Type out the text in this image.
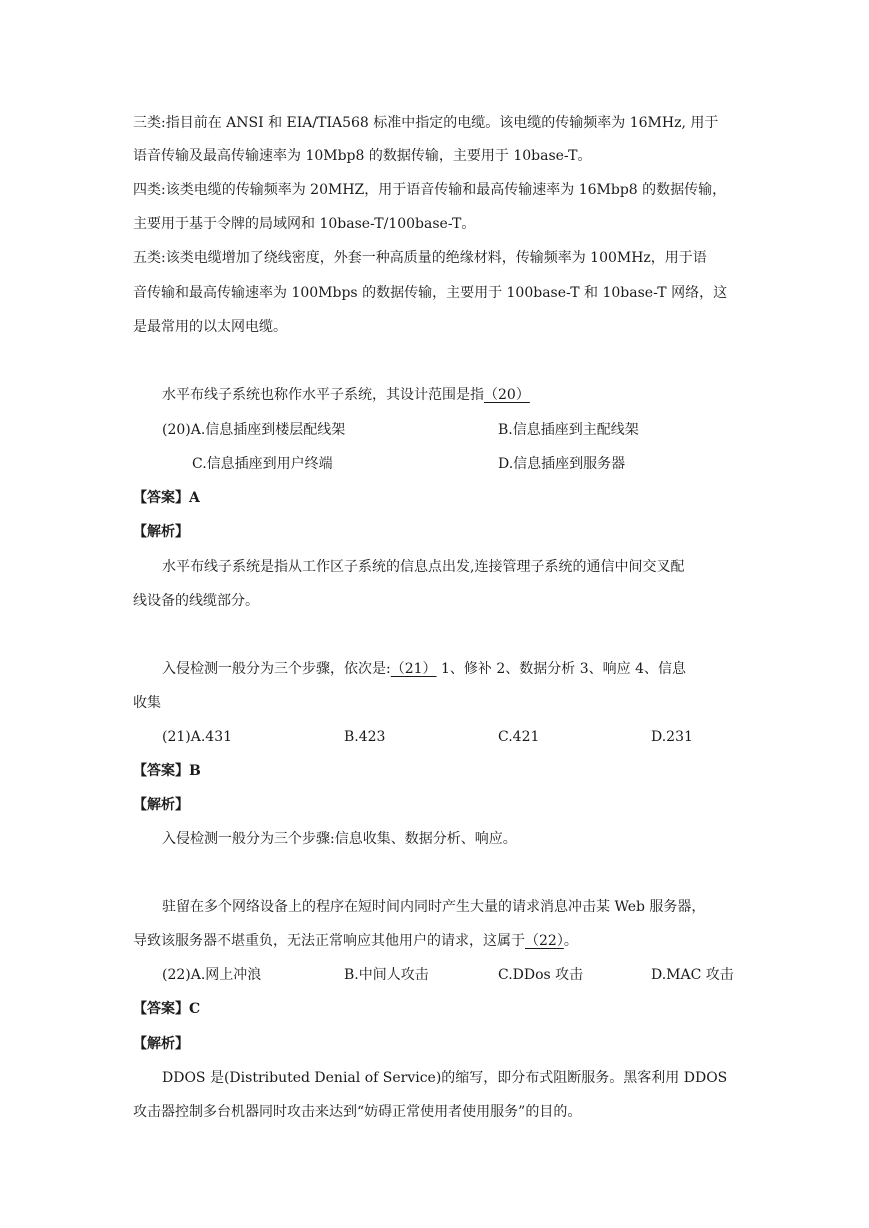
三类:指目前在 ANSI 和 EIA/TIA568 标准中指定的电缆。该电缆的传输频率为 16MHz, 用于
语音传输及最高传输速率为 10Mbp8 的数据传输，主要用于 10base-T。
四类:该类电缆的传输频率为 20MHZ，用于语音传输和最高传输速率为 16Mbp8 的数据传输，
主要用于基于令牌的局域网和 10base-T/100base-T。
五类:该类电缆增加了绕线密度，外套一种高质量的绝缘材料，传输频率为 100MHz，用于语
音传输和最高传输速率为 100Mbps 的数据传输，主要用于 100base-T 和 10base-T 网络，这
是最常用的以太网电缆。
水平布线子系统也称作水平子系统，其设计范围是指（20）
(20)A.信息插座到楼层配线架	B.信息插座到主配线架
C.信息插座到用户终端	D.信息插座到服务器
【答案】A
【解析】
水平布线子系统是指从工作区子系统的信息点出发,连接管理子系统的通信中间交叉配
线设备的线缆部分。
入侵检测一般分为三个步骤，依次是:（21） 1、修补 2、数据分析 3、响应 4、信息
收集
(21)A.431	B.423	C.421	D.231
【答案】B
【解析】
入侵检测一般分为三个步骤:信息收集、数据分析、响应。
驻留在多个网络设备上的程序在短时间内同时产生大量的请求消息冲击某 Web 服务器，
导致该服务器不堪重负，无法正常响应其他用户的请求，这属于（22）。
(22)A.网上冲浪	B.中间人攻击	C.DDos 攻击	D.MAC 攻击
【答案】C
【解析】
DDOS 是(Distributed Denial of Service)的缩写，即分布式阻断服务。黑客利用 DDOS
攻击器控制多台机器同时攻击来达到“妨碍正常使用者使用服务”的目的。
